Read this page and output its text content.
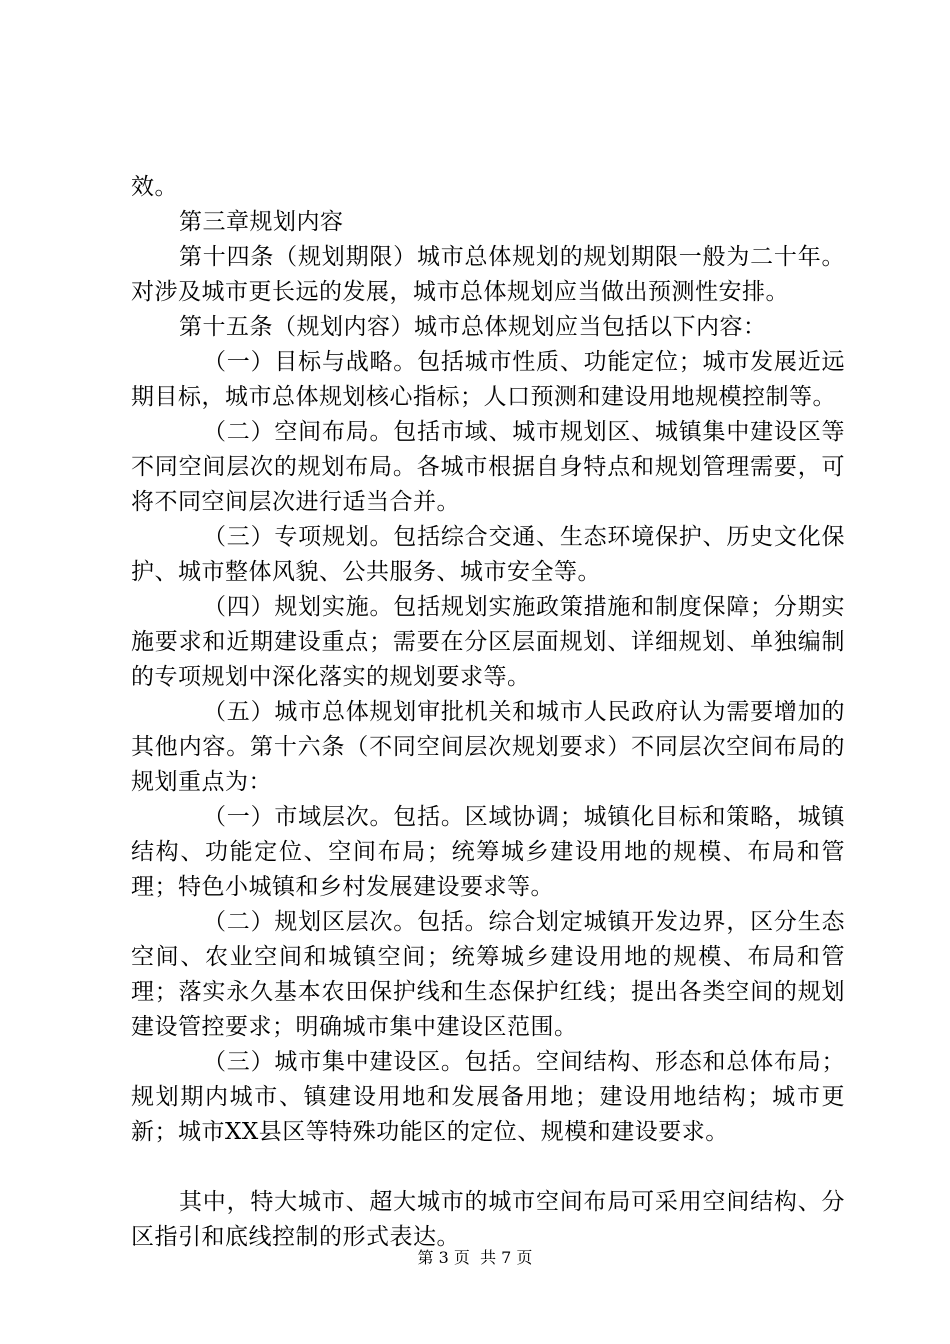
效。

第三章规划内容

第十四条（规划期限）城市总体规划的规划期限一般为二十年。对涉及城市更长远的发展，城市总体规划应当做出预测性安排。

第十五条（规划内容）城市总体规划应当包括以下内容：

（一）目标与战略。包括城市性质、功能定位；城市发展近远期目标，城市总体规划核心指标；人口预测和建设用地规模控制等。

（二）空间布局。包括市域、城市规划区、城镇集中建设区等不同空间层次的规划布局。各城市根据自身特点和规划管理需要，可将不同空间层次进行适当合并。

（三）专项规划。包括综合交通、生态环境保护、历史文化保护、城市整体风貌、公共服务、城市安全等。

（四）规划实施。包括规划实施政策措施和制度保障；分期实施要求和近期建设重点；需要在分区层面规划、详细规划、单独编制的专项规划中深化落实的规划要求等。

（五）城市总体规划审批机关和城市人民政府认为需要增加的其他内容。第十六条（不同空间层次规划要求）不同层次空间布局的规划重点为：

（一）市域层次。包括。区域协调；城镇化目标和策略，城镇结构、功能定位、空间布局；统筹城乡建设用地的规模、布局和管理；特色小城镇和乡村发展建设要求等。

（二）规划区层次。包括。综合划定城镇开发边界，区分生态空间、农业空间和城镇空间；统筹城乡建设用地的规模、布局和管理；落实永久基本农田保护线和生态保护红线；提出各类空间的规划建设管控要求；明确城市集中建设区范围。

（三）城市集中建设区。包括。空间结构、形态和总体布局；规划期内城市、镇建设用地和发展备用地；建设用地结构；城市更新；城市XX县区等特殊功能区的定位、规模和建设要求。

其中，特大城市、超大城市的城市空间布局可采用空间结构、分区指引和底线控制的形式表达。

第 3 页  共 7 页
